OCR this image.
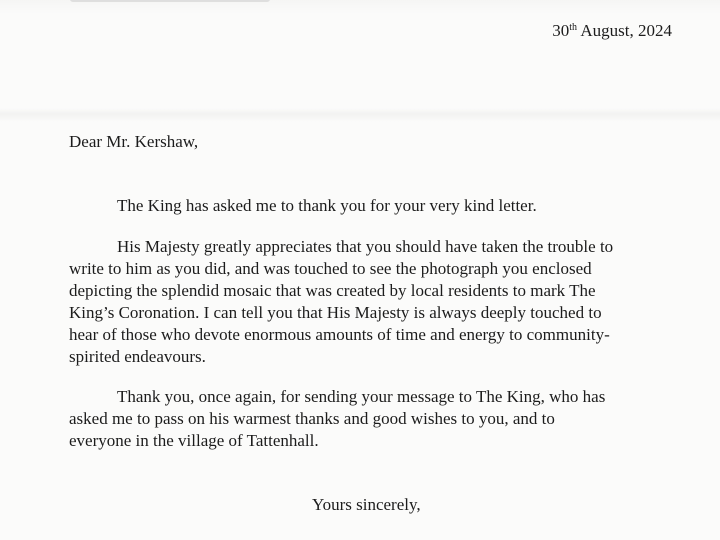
30th August, 2024
Dear Mr. Kershaw,
The King has asked me to thank you for your very kind letter.
His Majesty greatly appreciates that you should have taken the trouble to
write to him as you did, and was touched to see the photograph you enclosed
depicting the splendid mosaic that was created by local residents to mark The
King’s Coronation. I can tell you that His Majesty is always deeply touched to
hear of those who devote enormous amounts of time and energy to community-
spirited endeavours.
Thank you, once again, for sending your message to The King, who has
asked me to pass on his warmest thanks and good wishes to you, and to
everyone in the village of Tattenhall.
Yours sincerely,
